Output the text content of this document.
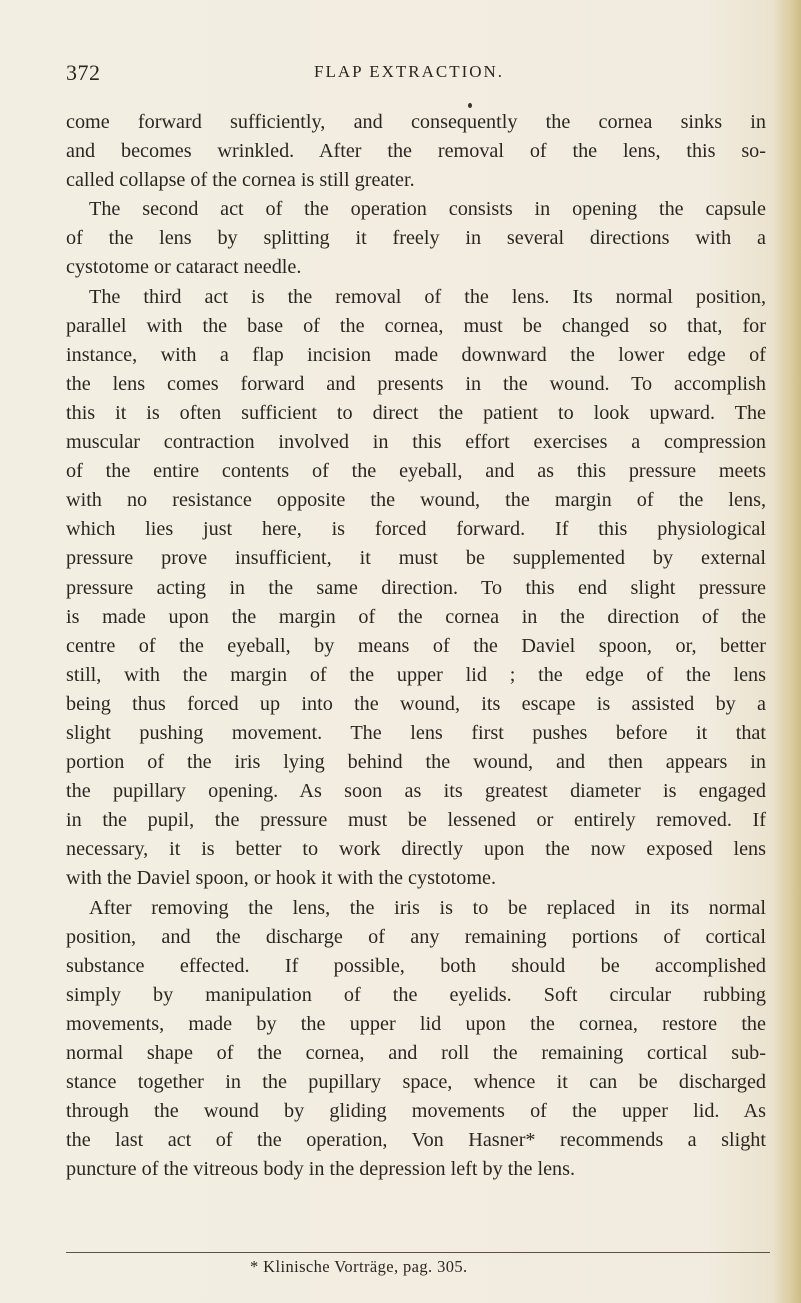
372	FLAP EXTRACTION.
come forward sufficiently, and consequently the cornea sinks in
and becomes wrinkled. After the removal of the lens, this so-
called collapse of the cornea is still greater.
The second act of the operation consists in opening the capsule
of the lens by splitting it freely in several directions with a
cystotome or cataract needle.
The third act is the removal of the lens. Its normal position,
parallel with the base of the cornea, must be changed so that, for
instance, with a flap incision made downward the lower edge of
the lens comes forward and presents in the wound. To accomplish
this it is often sufficient to direct the patient to look upward. The
muscular contraction involved in this effort exercises a compression
of the entire contents of the eyeball, and as this pressure meets
with no resistance opposite the wound, the margin of the lens,
which lies just here, is forced forward. If this physiological
pressure prove insufficient, it must be supplemented by external
pressure acting in the same direction. To this end slight pressure
is made upon the margin of the cornea in the direction of the
centre of the eyeball, by means of the Daviel spoon, or, better
still, with the margin of the upper lid ; the edge of the lens
being thus forced up into the wound, its escape is assisted by a
slight pushing movement. The lens first pushes before it that
portion of the iris lying behind the wound, and then appears in
the pupillary opening. As soon as its greatest diameter is engaged
in the pupil, the pressure must be lessened or entirely removed. If
necessary, it is better to work directly upon the now exposed lens
with the Daviel spoon, or hook it with the cystotome.
After removing the lens, the iris is to be replaced in its normal
position, and the discharge of any remaining portions of cortical
substance effected. If possible, both should be accomplished
simply by manipulation of the eyelids. Soft circular rubbing
movements, made by the upper lid upon the cornea, restore the
normal shape of the cornea, and roll the remaining cortical sub-
stance together in the pupillary space, whence it can be discharged
through the wound by gliding movements of the upper lid. As
the last act of the operation, Von Hasner* recommends a slight
puncture of the vitreous body in the depression left by the lens.
* Klinische Vorträge, pag. 305.
